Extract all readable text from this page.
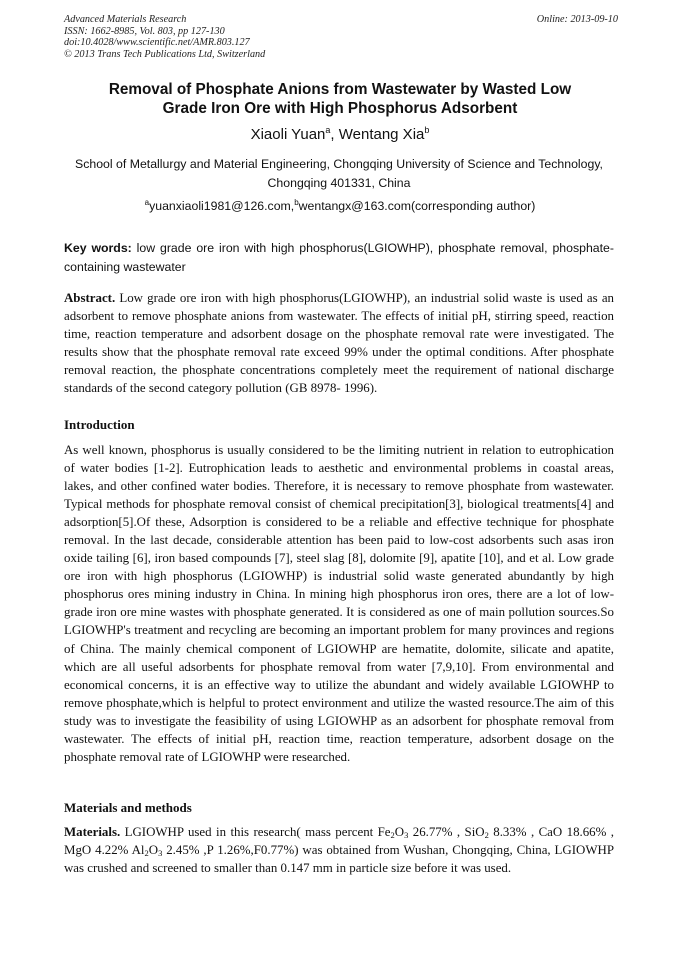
Advanced Materials Research
ISSN: 1662-8985, Vol. 803, pp 127-130
doi:10.4028/www.scientific.net/AMR.803.127
© 2013 Trans Tech Publications Ltd, Switzerland
Online: 2013-09-10
Removal of Phosphate Anions from Wastewater by Wasted Low
Grade Iron Ore with High Phosphorus Adsorbent
Xiaoli Yuan$^a$, Wentang Xia$^b$
School of Metallurgy and Material Engineering, Chongqing University of Science and Technology,
Chongqing 401331, China
$^a$yuanxiaoli1981@126.com,$^b$wentangx@163.com(corresponding author)
Key words: low grade ore iron with high phosphorus(LGIOWHP), phosphate removal, phosphate-containing wastewater
Abstract. Low grade ore iron with high phosphorus(LGIOWHP), an industrial solid waste is used as an adsorbent to remove phosphate anions from wastewater. The effects of initial pH, stirring speed, reaction time, reaction temperature and adsorbent dosage on the phosphate removal rate were investigated. The results show that the phosphate removal rate exceed 99% under the optimal conditions. After phosphate removal reaction, the phosphate concentrations completely meet the requirement of national discharge standards of the second category pollution (GB 8978- 1996).
Introduction
As well known, phosphorus is usually considered to be the limiting nutrient in relation to eutrophication of water bodies [1-2]. Eutrophication leads to aesthetic and environmental problems in coastal areas, lakes, and other confined water bodies. Therefore, it is necessary to remove phosphate from wastewater. Typical methods for phosphate removal consist of chemical precipitation[3], biological treatments[4] and adsorption[5].Of these, Adsorption is considered to be a reliable and effective technique for phosphate removal. In the last decade, considerable attention has been paid to low-cost adsorbents such asas iron oxide tailing [6], iron based compounds [7], steel slag [8], dolomite [9], apatite [10], and et al. Low grade ore iron with high phosphorus (LGIOWHP) is industrial solid waste generated abundantly by high phosphorus ores mining industry in China. In mining high phosphorus iron ores, there are a lot of low-grade iron ore mine wastes with phosphate generated. It is considered as one of main pollution sources.So LGIOWHP's treatment and recycling are becoming an important problem for many provinces and regions of China. The mainly chemical component of LGIOWHP are hematite, dolomite, silicate and apatite, which are all useful adsorbents for phosphate removal from water [7,9,10]. From environmental and economical concerns, it is an effective way to utilize the abundant and widely available LGIOWHP to remove phosphate,which is helpful to protect environment and utilize the wasted resource.The aim of this study was to investigate the feasibility of using LGIOWHP as an adsorbent for phosphate removal from wastewater. The effects of initial pH, reaction time, reaction temperature, adsorbent dosage on the phosphate removal rate of LGIOWHP were researched.
Materials and methods
Materials. LGIOWHP used in this research( mass percent $Fe_2O_3$ 26.77% , SiO$_2$ 8.33% , CaO 18.66% , MgO 4.22% $Al_2O_3$ 2.45% ,P 1.26%,F0.77%) was obtained from Wushan, Chongqing, China, LGIOWHP was crushed and screened to smaller than 0.147 mm in particle size before it was used.
